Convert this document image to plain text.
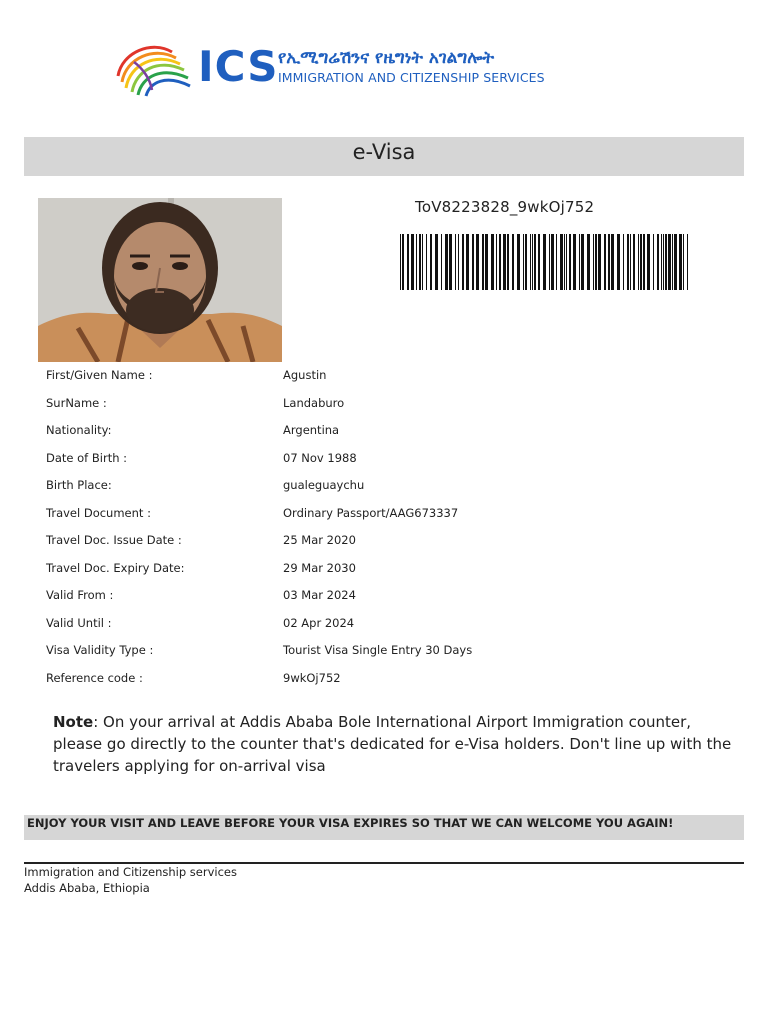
ICS የኢሚግሬሽንና የዜግነት አገልግሎት
IMMIGRATION AND CITIZENSHIP SERVICES
e-Visa
ToV8223828_9wkOj752
First/Given Name :	Agustin
SurName :	Landaburo
Nationality:	Argentina
Date of Birth :	07 Nov 1988
Birth Place:	gualeguaychu
Travel Document :	Ordinary Passport/AAG673337
Travel Doc. Issue Date :	25 Mar 2020
Travel Doc. Expiry Date:	29 Mar 2030
Valid From :	03 Mar 2024
Valid Until :	02 Apr 2024
Visa Validity Type :	Tourist Visa Single Entry 30 Days
Reference code :	9wkOj752
Note: On your arrival at Addis Ababa Bole International Airport Immigration counter, please go directly to the counter that's dedicated for e-Visa holders. Don't line up with the travelers applying for on-arrival visa
ENJOY YOUR VISIT AND LEAVE BEFORE YOUR VISA EXPIRES SO THAT WE CAN WELCOME YOU AGAIN!
Immigration and Citizenship services
Addis Ababa, Ethiopia
